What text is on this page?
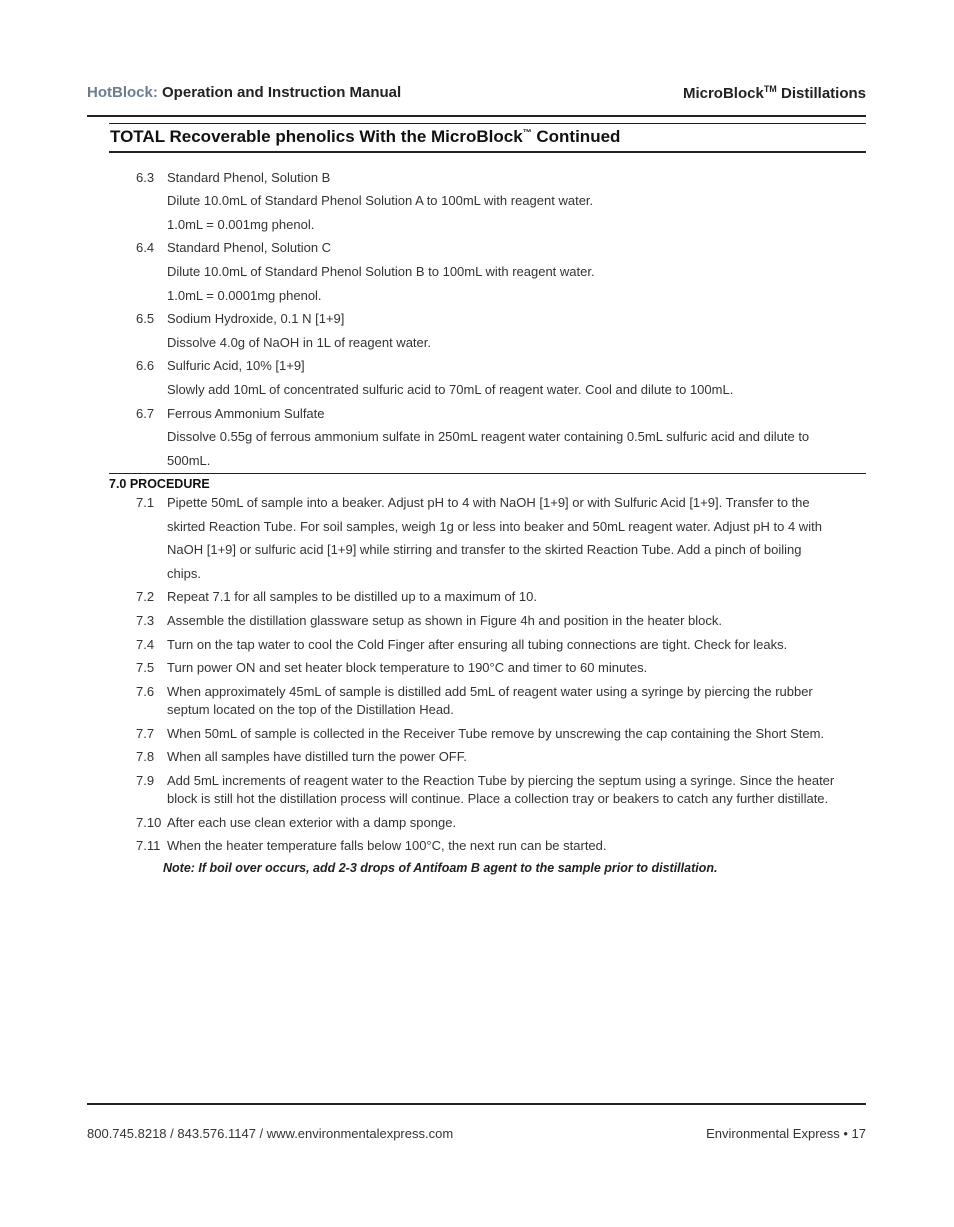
HotBlock: Operation and Instruction Manual	MicroBlock™ Distillations
TOTAL Recoverable phenolics With the MicroBlock™ Continued
6.3 Standard Phenol, Solution B
Dilute 10.0mL of Standard Phenol Solution A to 100mL with reagent water.
1.0mL = 0.001mg phenol.
6.4 Standard Phenol, Solution C
Dilute 10.0mL of Standard Phenol Solution B to 100mL with reagent water.
1.0mL = 0.0001mg phenol.
6.5 Sodium Hydroxide, 0.1 N [1+9]
Dissolve 4.0g of NaOH in 1L of reagent water.
6.6 Sulfuric Acid, 10% [1+9]
Slowly add 10mL of concentrated sulfuric acid to 70mL of reagent water. Cool and dilute to 100mL.
6.7 Ferrous Ammonium Sulfate
Dissolve 0.55g of ferrous ammonium sulfate in 250mL reagent water containing 0.5mL sulfuric acid and dilute to
500mL.
7.0 PROCEDURE
7.1 Pipette 50mL of sample into a beaker. Adjust pH to 4 with NaOH [1+9] or with Sulfuric Acid [1+9]. Transfer to the
skirted Reaction Tube. For soil samples, weigh 1g or less into beaker and 50mL reagent water. Adjust pH to 4 with
NaOH [1+9] or sulfuric acid [1+9] while stirring and transfer to the skirted Reaction Tube. Add a pinch of boiling
chips.
7.2 Repeat 7.1 for all samples to be distilled up to a maximum of 10.
7.3 Assemble the distillation glassware setup as shown in Figure 4h and position in the heater block.
7.4 Turn on the tap water to cool the Cold Finger after ensuring all tubing connections are tight. Check for leaks.
7.5 Turn power ON and set heater block temperature to 190°C and timer to 60 minutes.
7.6 When approximately 45mL of sample is distilled add 5mL of reagent water using a syringe by piercing the rubber
septum located on the top of the Distillation Head.
7.7 When 50mL of sample is collected in the Receiver Tube remove by unscrewing the cap containing the Short Stem.
7.8 When all samples have distilled turn the power OFF.
7.9 Add 5mL increments of reagent water to the Reaction Tube by piercing the septum using a syringe. Since the heater
block is still hot the distillation process will continue. Place a collection tray or beakers to catch any further distillate.
7.10 After each use clean exterior with a damp sponge.
7.11 When the heater temperature falls below 100°C, the next run can be started.
Note: If boil over occurs, add 2-3 drops of Antifoam B agent to the sample prior to distillation.
800.745.8218 / 843.576.1147 / www.environmentalexpress.com	Environmental Express • 17
